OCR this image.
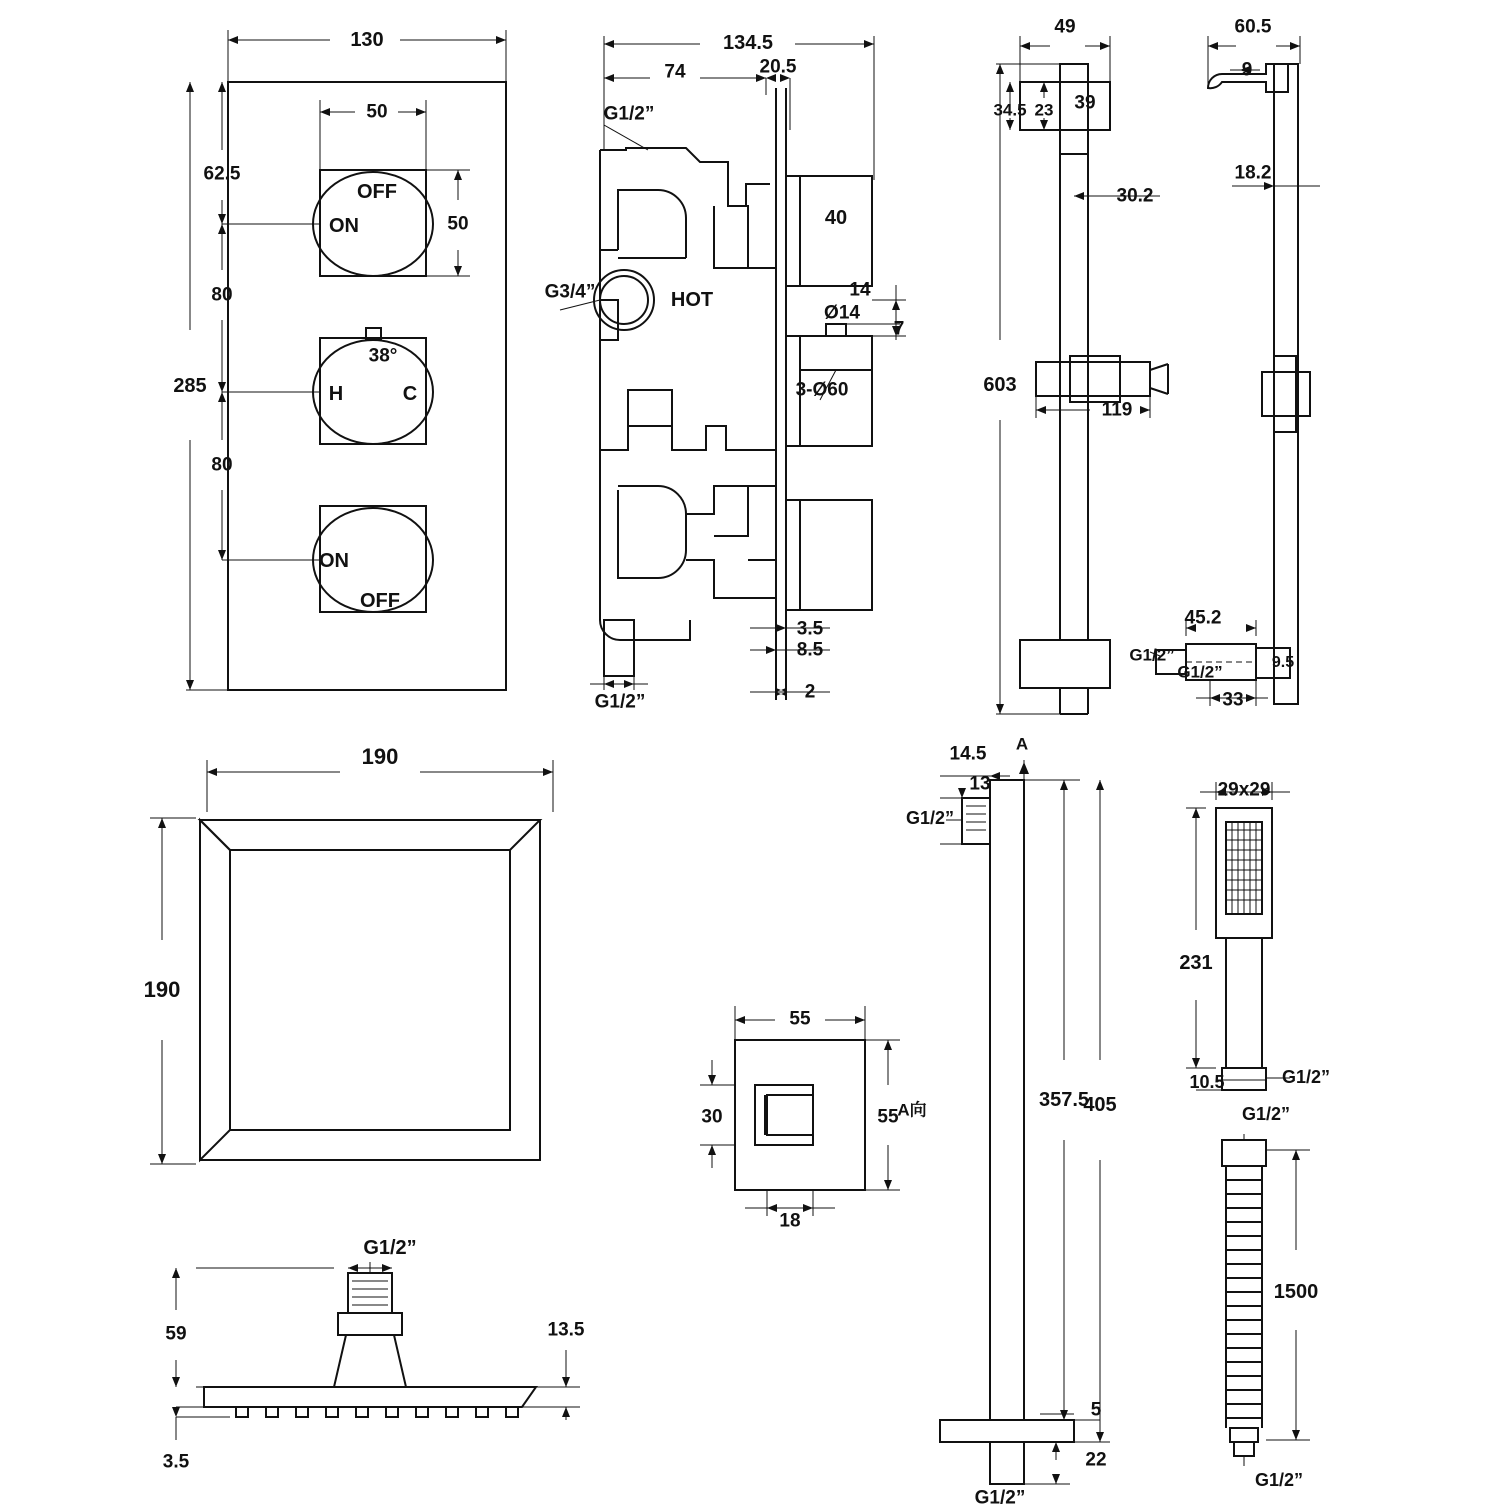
130
50
50
62.5
80
80
285
OFF
ON
38°
H	C
ON
OFF
134.5
74	20.5
G1/2”
G3/4”	HOT
40
14
Ø14
7
3-Ø60
3.5
8.5
2
G1/2”
49
34.5 23 39
30.2
603
119
60.5
9
18.2
45.2
G1/2”
G1/2”	9.5
33
190
190
G1/2”
59	13.5
3.5
55
30
18
55
A向
14.5 A
13
G1/2”
357.5
405
5
22
G1/2”
29x29
231
10.5	G1/2”
G1/2”
1500
G1/2”
